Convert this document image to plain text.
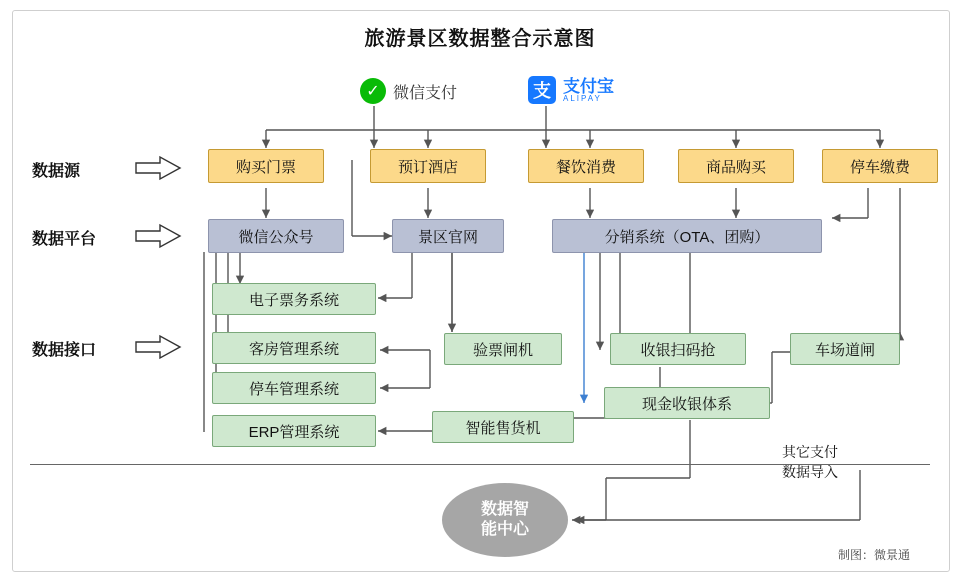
旅游景区数据整合示意图
✓ 微信支付	支 支付宝
ALIPAY
数据源
数据平台
数据接口
购买门票	预订酒店	餐饮消费	商品购买	停车缴费
微信公众号	景区官网	分销系统（OTA、团购）
电子票务系统
客房管理系统
停车管理系统
ERP管理系统
验票闸机
智能售货机
收银扫码抢
现金收银体系
车场道闸
其它支付
数据导入
数据智
能中心
制图：微景通
